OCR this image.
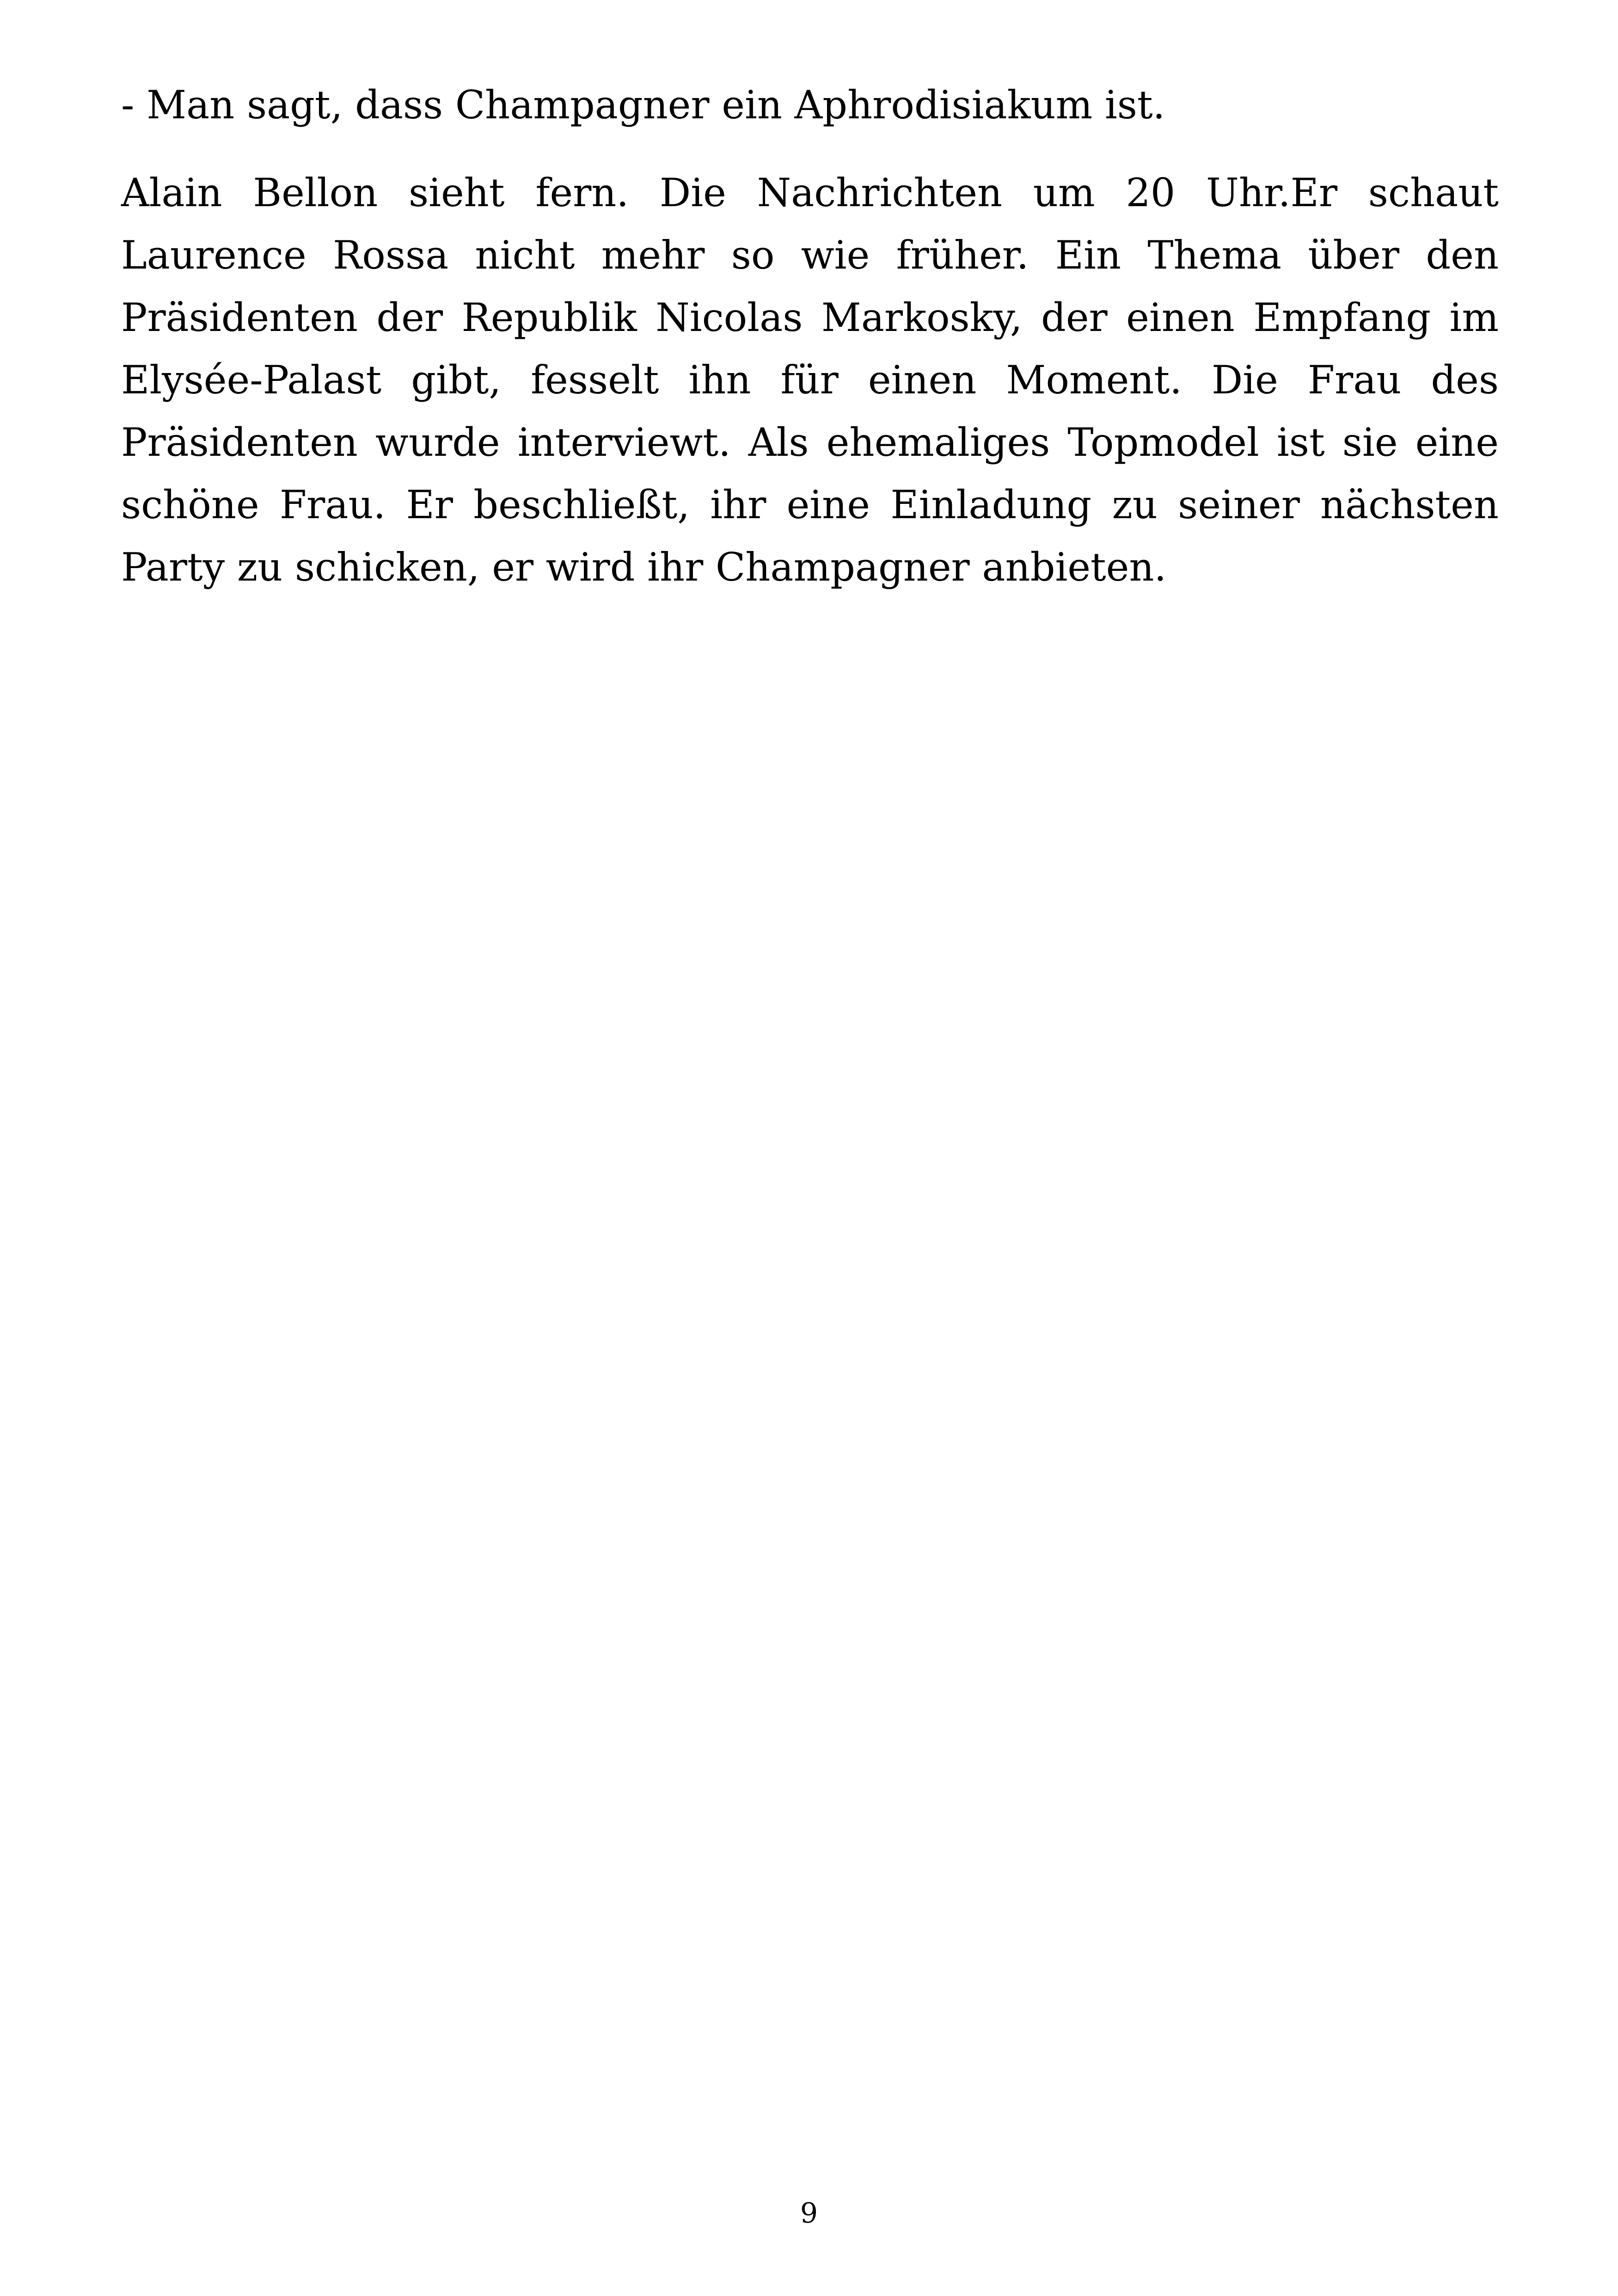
- Man sagt, dass Champagner ein Aphrodisiakum ist.

Alain Bellon sieht fern. Die Nachrichten um 20 Uhr.Er schaut Laurence Rossa nicht mehr so wie früher. Ein Thema über den Präsidenten der Republik Nicolas Markosky, der einen Empfang im Elysée-Palast gibt, fesselt ihn für einen Moment. Die Frau des Präsidenten wurde interviewt. Als ehemaliges Topmodel ist sie eine schöne Frau. Er beschließt, ihr eine Einladung zu seiner nächsten Party zu schicken, er wird ihr Champagner anbieten.

9
